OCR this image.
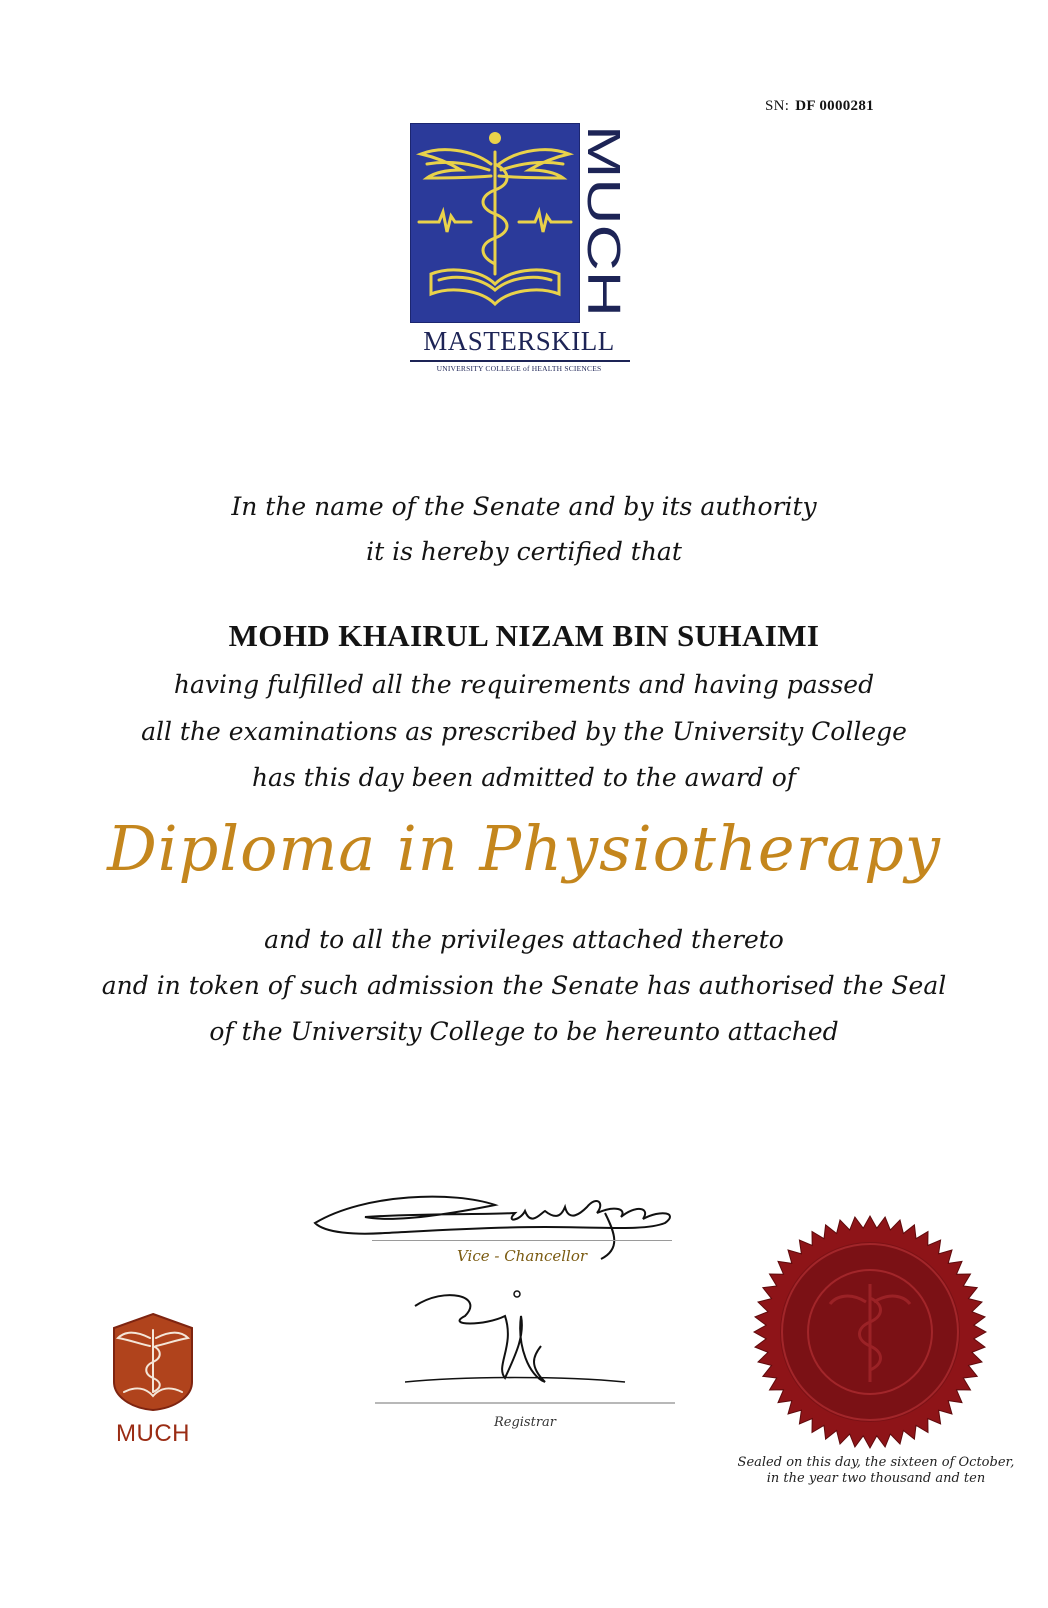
SN: DF 0000281
MUCH
MASTERSKILL
UNIVERSITY COLLEGE of HEALTH SCIENCES
In the name of the Senate and by its authority
it is hereby certified that
MOHD KHAIRUL NIZAM BIN SUHAIMI
having fulfilled all the requirements and having passed
all the examinations as prescribed by the University College
has this day been admitted to the award of
Diploma in Physiotherapy
and to all the privileges attached thereto
and in token of such admission the Senate has authorised the Seal
of the University College to be hereunto attached
Vice - Chancellor
Registrar
MUCH
Sealed on this day, the sixteen of October,
in the year two thousand and ten
